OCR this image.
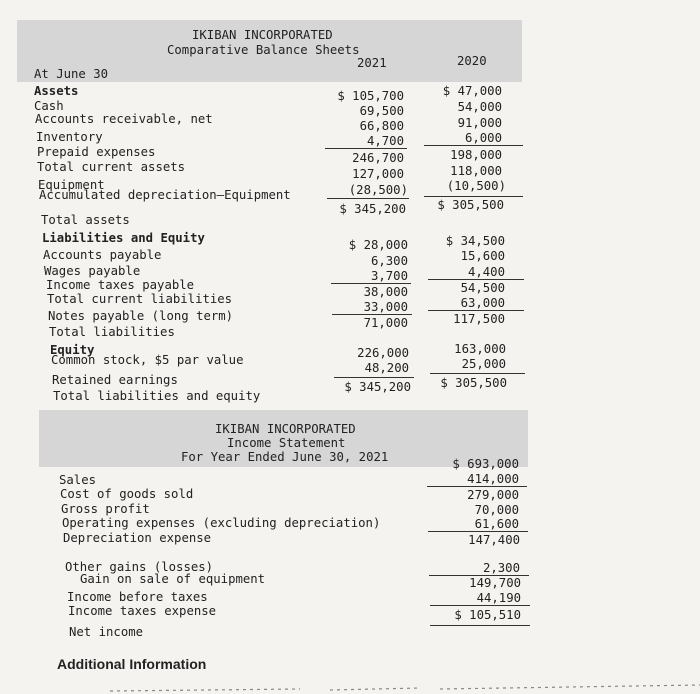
IKIBAN INCORPORATED
Comparative Balance Sheets
2021	2020
At June 30
Assets
Cash
Accounts receivable, net
Inventory
Prepaid expenses
Total current assets
Equipment
Accumulated depreciation—Equipment
Total assets
$ 105,700
69,500
66,800
4,700
246,700
127,000
(28,500)
$ 345,200
$ 47,000
54,000
91,000
6,000
198,000
118,000
(10,500)
$ 305,500
Liabilities and Equity
Accounts payable
Wages payable
Income taxes payable
Total current liabilities
Notes payable (long term)
Total liabilities
Equity
Common stock, $5 par value
Retained earnings
Total liabilities and equity
$ 28,000
6,300
3,700
38,000
33,000
71,000
226,000
48,200
$ 345,200
$ 34,500
15,600
4,400
54,500
63,000
117,500
163,000
25,000
$ 305,500
IKIBAN INCORPORATED
Income Statement
For Year Ended June 30, 2021
Sales
Cost of goods sold
Gross profit
Operating expenses (excluding depreciation)
Depreciation expense
Other gains (losses)
Gain on sale of equipment
Income before taxes
Income taxes expense
Net income
$ 693,000
414,000
279,000
70,000
61,600
147,400
2,300
149,700
44,190
$ 105,510
Additional Information
